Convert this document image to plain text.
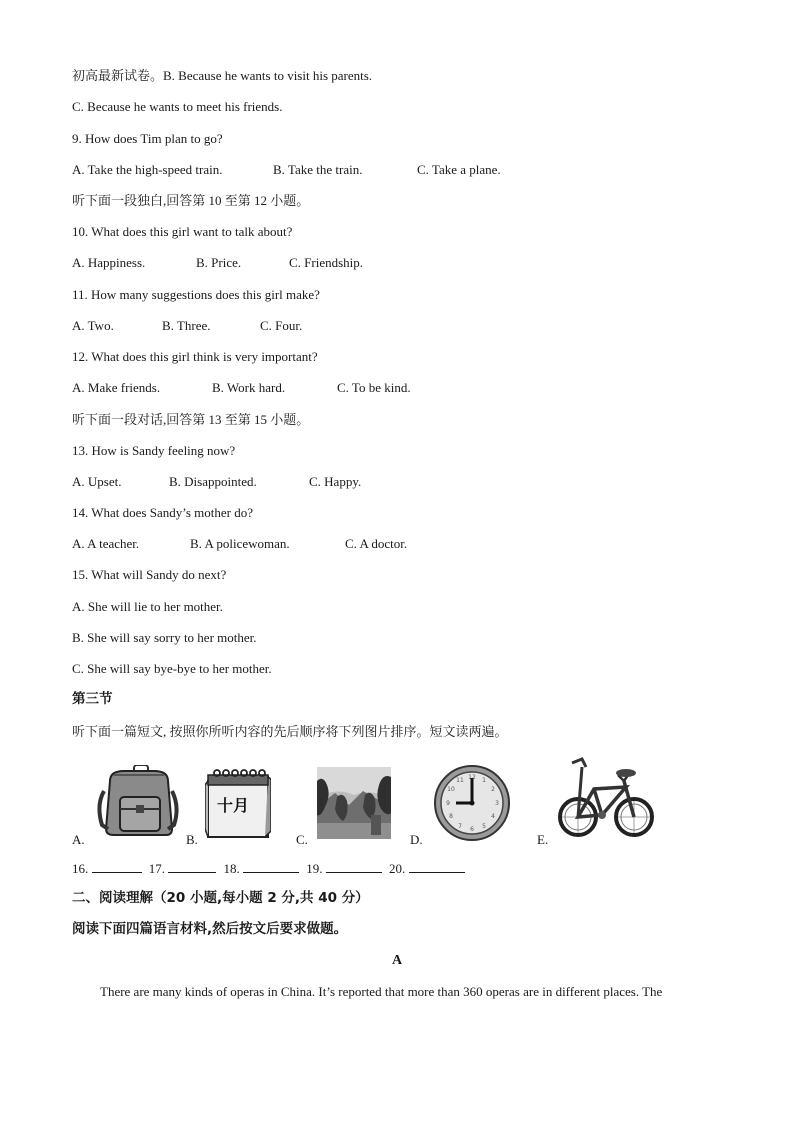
初高最新试卷。B. Because he wants to visit his parents.
C. Because he wants to meet his friends.
9. How does Tim plan to go?
A. Take the high-speed train.	B. Take the train.	C. Take a plane.
听下面一段独白,回答第 10 至第 12 小题。
10. What does this girl want to talk about?
A. Happiness.	B. Price.	C. Friendship.
11. How many suggestions does this girl make?
A. Two.	B. Three.	C. Four.
12. What does this girl think is very important?
A. Make friends.	B. Work hard.	C. To be kind.
听下面一段对话,回答第 13 至第 15 小题。
13. How is Sandy feeling now?
A. Upset.	B. Disappointed.	C. Happy.
14. What does Sandy’s mother do?
A. A teacher.	B. A policewoman.	C. A doctor.
15. What will Sandy do next?
A. She will lie to her mother.
B. She will say sorry to her mother.
C. She will say bye-bye to her mother.
第三节
听下面一篇短文, 按照你所听内容的先后顺序将下列图片排序。短文读两遍。
A.	B.
十月
C.	D.
12 1
2
3
4
5
6
7
8
9
10
11
E.
16.	17.	18.	19.	20.
二、阅读理解（20 小题,每小题 2 分,共 40 分）
阅读下面四篇语言材料,然后按文后要求做题。
A
There are many kinds of operas in China. It’s reported that more than 360 operas are in different places. The
